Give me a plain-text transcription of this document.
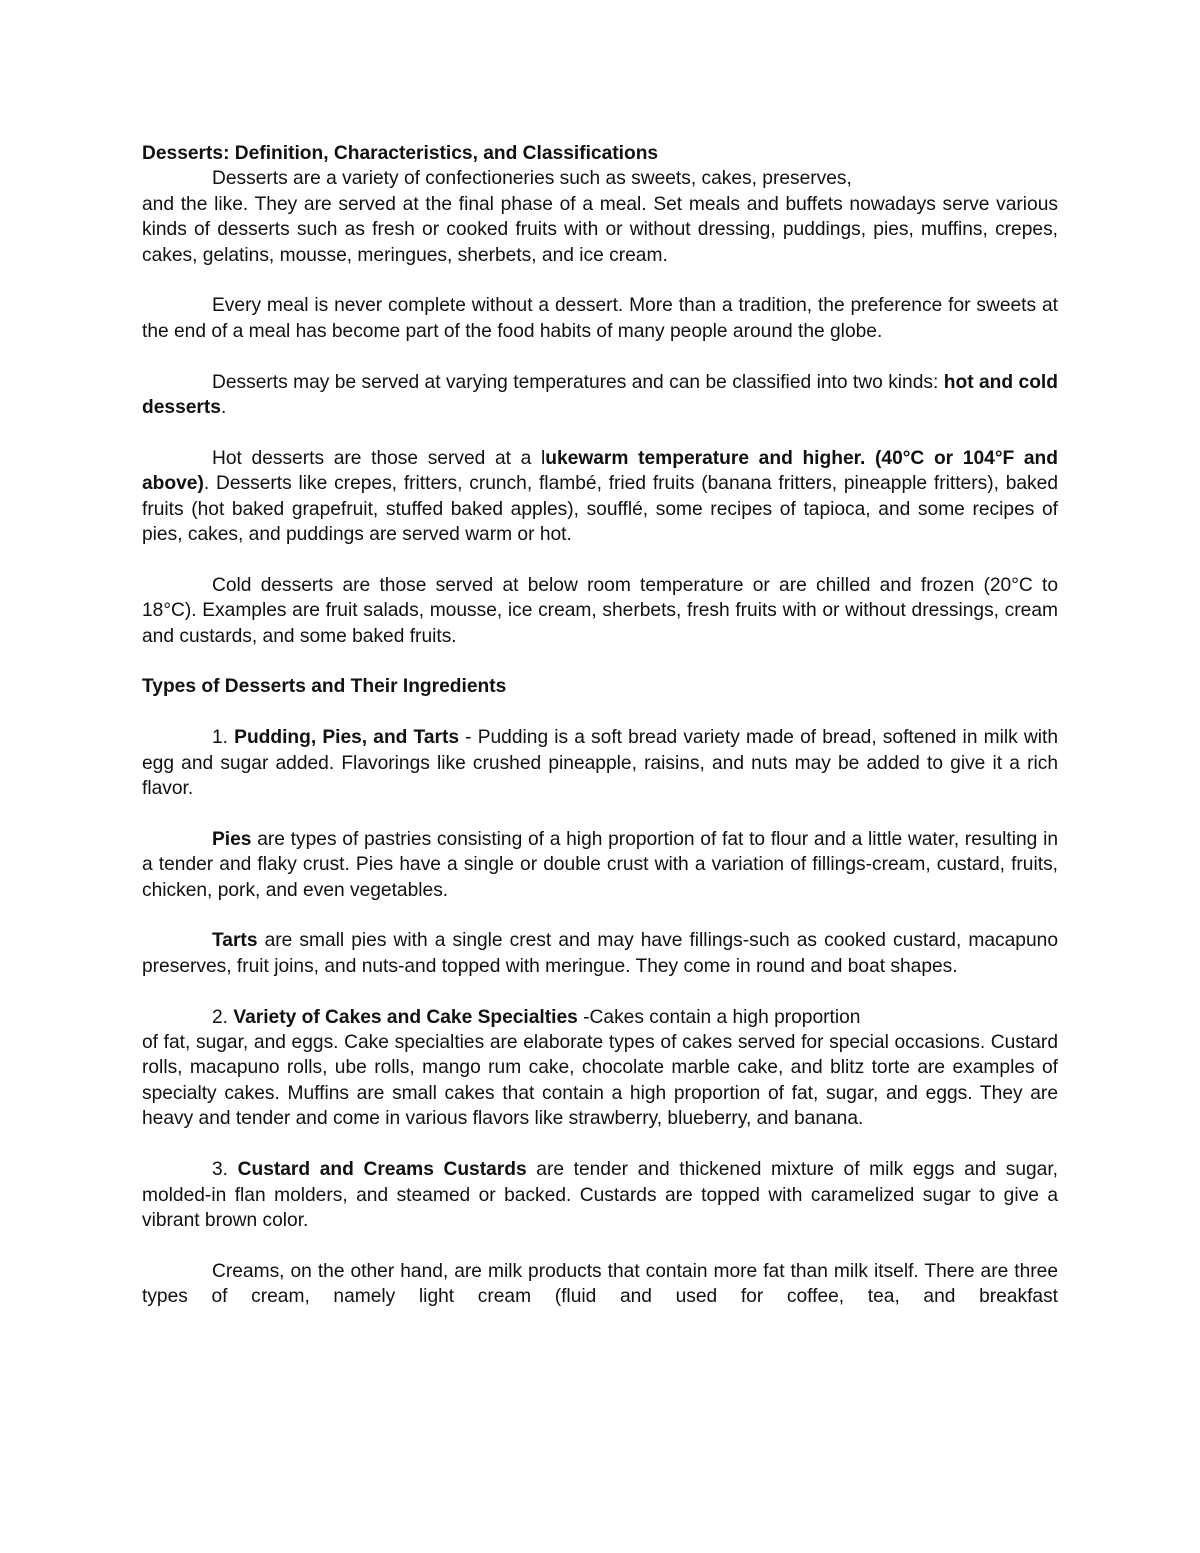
Desserts: Definition, Characteristics, and Classifications

Desserts are a variety of confectioneries such as sweets, cakes, preserves,

and the like. They are served at the final phase of a meal. Set meals and buffets nowadays serve various kinds of desserts such as fresh or cooked fruits with or without dressing, puddings, pies, muffins, crepes, cakes, gelatins, mousse, meringues, sherbets, and ice cream.

Every meal is never complete without a dessert. More than a tradition, the preference for sweets at the end of a meal has become part of the food habits of many people around the globe.

Desserts may be served at varying temperatures and can be classified into two kinds: hot and cold desserts.

Hot desserts are those served at a lukewarm temperature and higher. (40°C or 104°F and above). Desserts like crepes, fritters, crunch, flambé, fried fruits (banana fritters, pineapple fritters), baked fruits (hot baked grapefruit, stuffed baked apples), soufflé, some recipes of tapioca, and some recipes of pies, cakes, and puddings are served warm or hot.

Cold desserts are those served at below room temperature or are chilled and frozen (20°C to 18°C). Examples are fruit salads, mousse, ice cream, sherbets, fresh fruits with or without dressings, cream and custards, and some baked fruits.

Types of Desserts and Their Ingredients

1. Pudding, Pies, and Tarts - Pudding is a soft bread variety made of bread, softened in milk with egg and sugar added. Flavorings like crushed pineapple, raisins, and nuts may be added to give it a rich flavor.

Pies are types of pastries consisting of a high proportion of fat to flour and a little water, resulting in a tender and flaky crust. Pies have a single or double crust with a variation of fillings-cream, custard, fruits, chicken, pork, and even vegetables.

Tarts are small pies with a single crest and may have fillings-such as cooked custard, macapuno preserves, fruit joins, and nuts-and topped with meringue. They come in round and boat shapes.

2. Variety of Cakes and Cake Specialties -Cakes contain a high proportion

of fat, sugar, and eggs. Cake specialties are elaborate types of cakes served for special occasions. Custard rolls, macapuno rolls, ube rolls, mango rum cake, chocolate marble cake, and blitz torte are examples of specialty cakes. Muffins are small cakes that contain a high proportion of fat, sugar, and eggs. They are heavy and tender and come in various flavors like strawberry, blueberry, and banana.

3. Custard and Creams Custards are tender and thickened mixture of milk eggs and sugar, molded-in flan molders, and steamed or backed. Custards are topped with caramelized sugar to give a vibrant brown color.

Creams, on the other hand, are milk products that contain more fat than milk itself. There are three types of cream, namely light cream (fluid and used for coffee, tea, and breakfast
